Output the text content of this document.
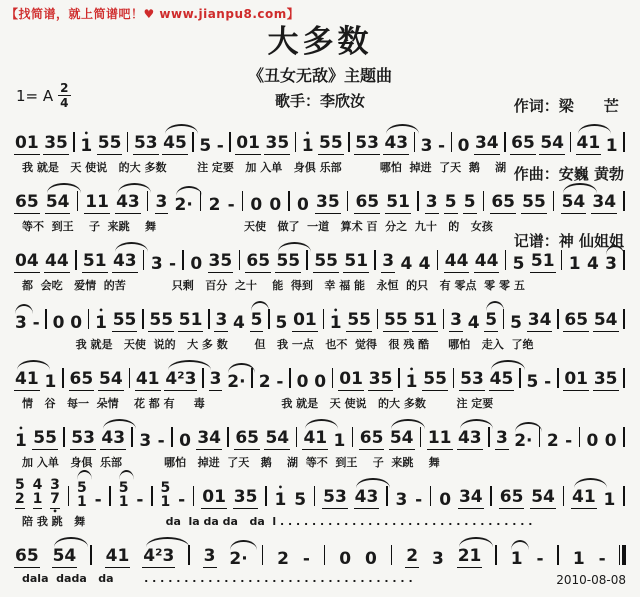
【找简谱，就上简谱吧！♥ www.jianpu8.com】
大多数
《丑女无敌》主题曲
歌手：李欣汝

	作词：梁　　芒

作曲：安巍 黄勃

记谱：神 仙姐姐

1= A $\frac{2}{4}$
01 35 • 1 55 53 45 5 - 01 35 • 1 55 53 43 3 - 0 34 65 54 41 1
我 就是   天 使说   的大 多数        注 定要   加 入单   身俱 乐部          哪怕  掉进  了天  鹅    湖
65 54 11 43 3 2· 2 - 0 0 0 35 65 51 3 5 5 65 55 54 34
等不  到王    子  来跳    舞                       天使   做了  一道   算术 百  分之  九十   的   女孩
04 44 51 43 3 - 0 35 65 55 55 51 3 4 4 44 44 5 51 1 4 3
都  会吃   爱情  的苦            只剩   百分  之十    能  得到   幸 福 能   永恒  的只   有 零点  零 零 五
3 - 0 0 • 1 55 55 51 3 4 5 5 01 • 1 55 55 51 3 4 5 5 34 65 54
我 就是   天使  说的   大 多 数       但   我 一点   也不  觉得   很 残 酷     哪怕   走入  了绝
41 1 65 54 41 4²3 3 2· 2 - 0 0 01 35 • 1 55 53 45 5 - 01 35
情   谷   每一  朵情    花 都 有     毒                    我 就是   天 使说   的大 多数        注 定要
• 1 55 53 43 3 - 0 34 65 54 41 1 65 54 11 43 3 2· 2 - 0 0
加 入单   身俱  乐部           哪怕   掉进  了天   鹅    湖  等不  到王    子  来跳    舞
5
2
4
1
3
7 •
5
1 -
5
1 -
5
1 - 01 35 • 1 5 53 43 3 - 0 34 65 54 41 1
陪 我 跳   舞                     da  la da da   da  l . . . . . . . . . . . . . . . . . . . . . . . . . . . . . . . .
65 54 41 4²3 3 2· 2 - 0 0 2 3 21 1 - 1 -
dala  dada   da        . . . . . . . . . . . . . . . . . . . . . . . . . . . . . . . . . .	2010-08-08
